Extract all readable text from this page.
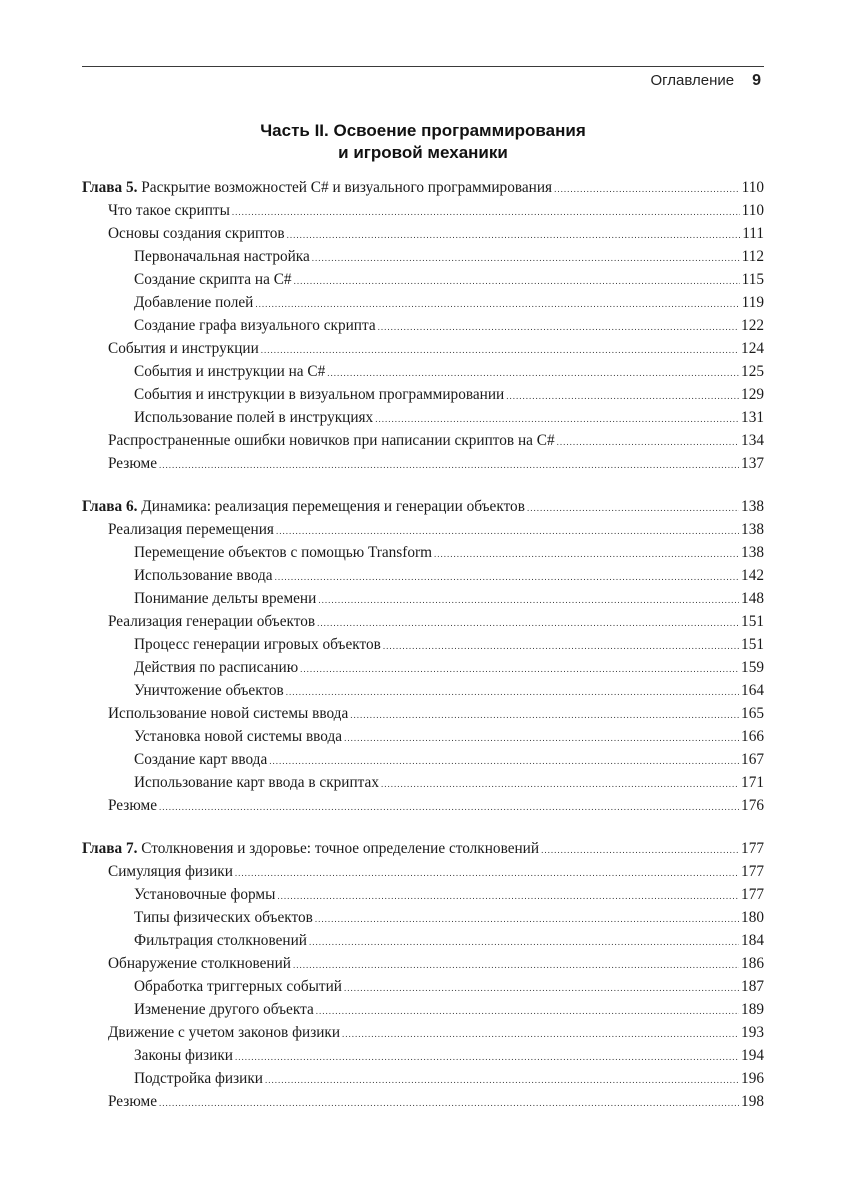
Оглавление 9
Часть II. Освоение программирования
и игровой механики
Глава 5. Раскрытие возможностей C# и визуального программирования .....	110
Что такое скрипты .....	110
Основы создания скриптов .....	111
Первоначальная настройка .....	112
Создание скрипта на C# .....	115
Добавление полей .....	119
Создание графа визуального скрипта .....	122
События и инструкции .....	124
События и инструкции на C# .....	125
События и инструкции в визуальном программировании .....	129
Использование полей в инструкциях .....	131
Распространенные ошибки новичков при написании скриптов на C# .....	134
Резюме .....	137
Глава 6. Динамика: реализация перемещения и генерации объектов .....	138
Реализация перемещения .....	138
Перемещение объектов с помощью Transform .....	138
Использование ввода .....	142
Понимание дельты времени .....	148
Реализация генерации объектов .....	151
Процесс генерации игровых объектов .....	151
Действия по расписанию .....	159
Уничтожение объектов .....	164
Использование новой системы ввода .....	165
Установка новой системы ввода .....	166
Создание карт ввода .....	167
Использование карт ввода в скриптах .....	171
Резюме .....	176
Глава 7. Столкновения и здоровье: точное определение столкновений .....	177
Симуляция физики .....	177
Установочные формы .....	177
Типы физических объектов .....	180
Фильтрация столкновений .....	184
Обнаружение столкновений .....	186
Обработка триггерных событий .....	187
Изменение другого объекта .....	189
Движение с учетом законов физики .....	193
Законы физики .....	194
Подстройка физики .....	196
Резюме .....	198
